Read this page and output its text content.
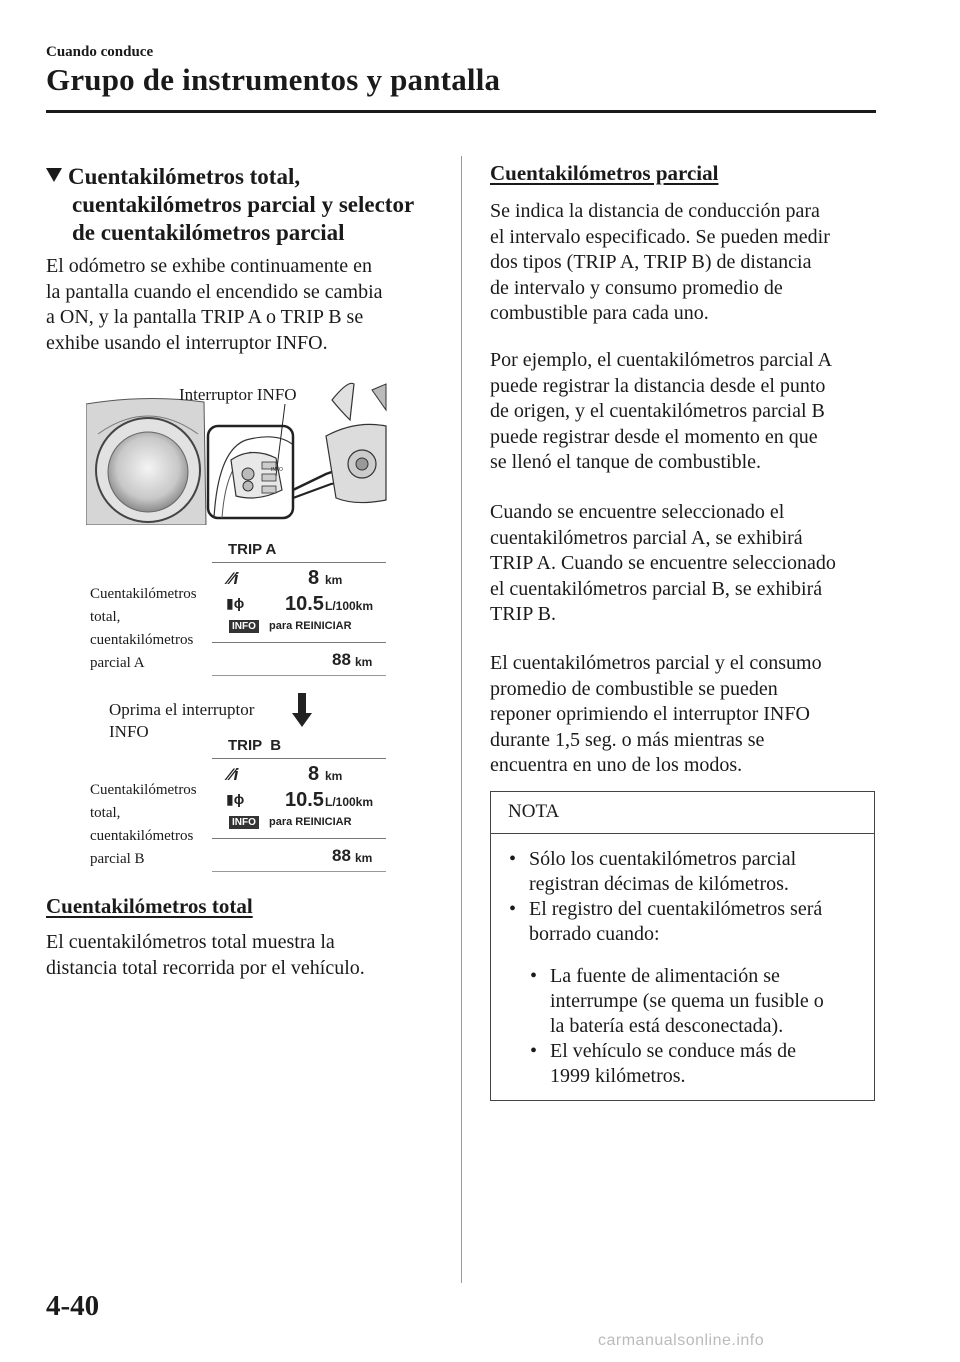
Cuando conduce
Grupo de instrumentos y pantalla
Cuentakilómetros total,
cuentakilómetros parcial y selector
de cuentakilómetros parcial
El odómetro se exhibe continuamente en
la pantalla cuando el encendido se cambia
a ON, y la pantalla TRIP A o TRIP B se
exhibe usando el interruptor INFO.
Interruptor INFO
INFO
Cuentakilómetros
total,
cuentakilómetros
parcial A
TRIP A
⁄⁄i	8 km
▮ɸ 10.5 L/100km
INFO para REINICIAR
88 km
Oprima el interruptor
INFO
Cuentakilómetros
total,
cuentakilómetros
parcial B
TRIP  B
⁄⁄i	8 km
▮ɸ 10.5 L/100km
INFO para REINICIAR
88 km
Cuentakilómetros total
El cuentakilómetros total muestra la
distancia total recorrida por el vehículo.
Cuentakilómetros parcial
Se indica la distancia de conducción para
el intervalo especificado. Se pueden medir
dos tipos (TRIP A, TRIP B) de distancia
de intervalo y consumo promedio de
combustible para cada uno.
Por ejemplo, el cuentakilómetros parcial A
puede registrar la distancia desde el punto
de origen, y el cuentakilómetros parcial B
puede registrar desde el momento en que
se llenó el tanque de combustible.
Cuando se encuentre seleccionado el
cuentakilómetros parcial A, se exhibirá
TRIP A. Cuando se encuentre seleccionado
el cuentakilómetros parcial B, se exhibirá
TRIP B.
El cuentakilómetros parcial y el consumo
promedio de combustible se pueden
reponer oprimiendo el interruptor INFO
durante 1,5 seg. o más mientras se
encuentra en uno de los modos.
NOTA
• Sólo los cuentakilómetros parcial
registran décimas de kilómetros.
• El registro del cuentakilómetros será
borrado cuando:
• La fuente de alimentación se
interrumpe (se quema un fusible o
la batería está desconectada).
• El vehículo se conduce más de
1999 kilómetros.
4-40
carmanualsonline.info
